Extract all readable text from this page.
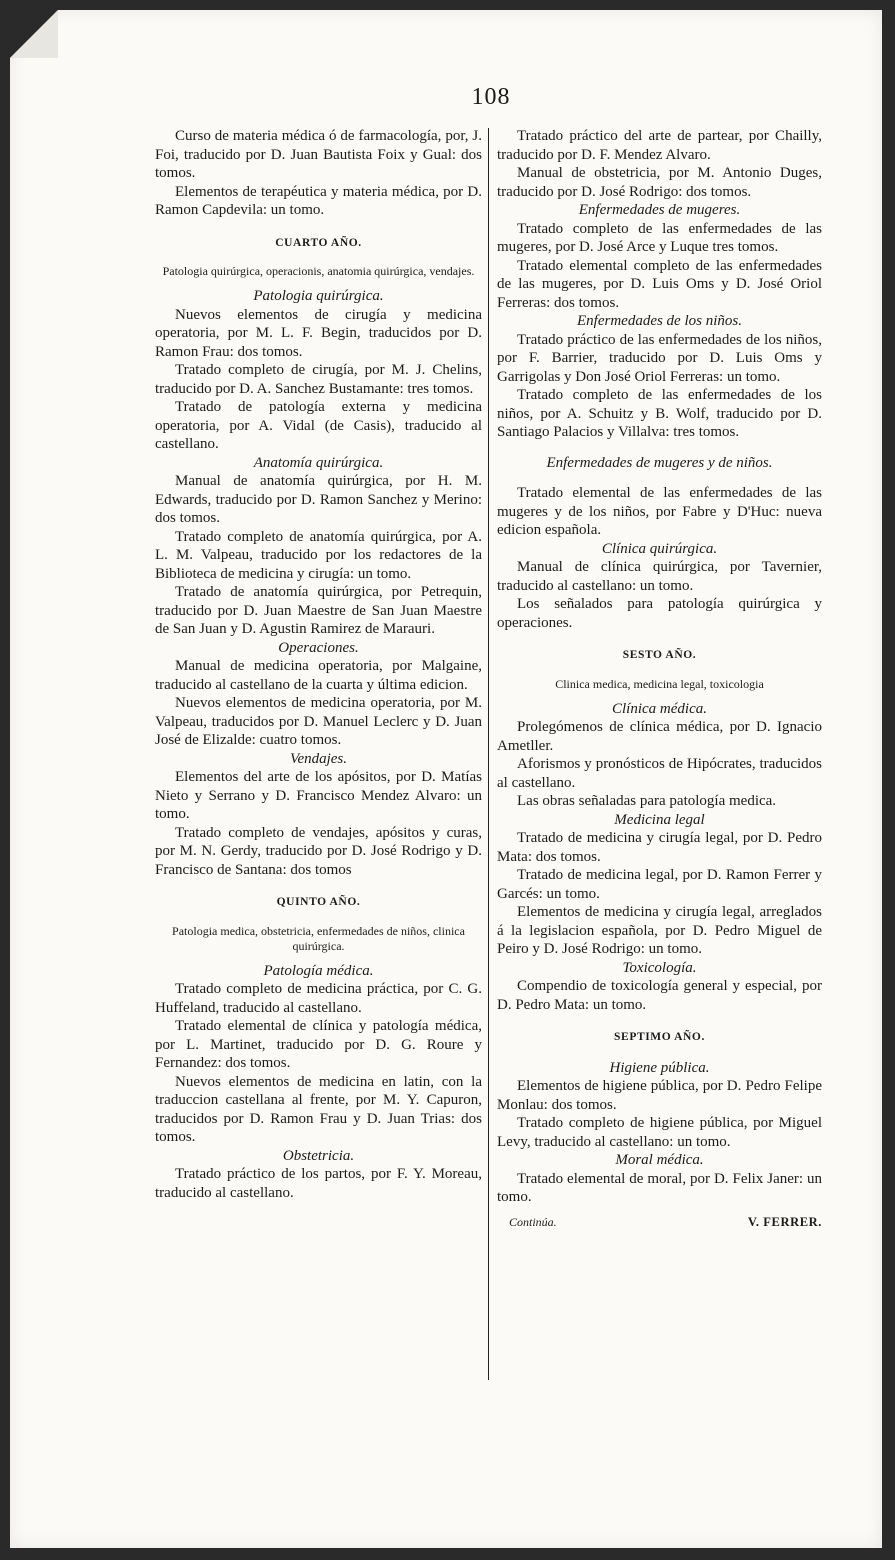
108

Curso de materia médica ó de farmacología, por, J. Foi, traducido por D. Juan Bautista Foix y Gual: dos tomos.

Elementos de terapéutica y materia médica, por D. Ramon Capdevila: un tomo.

CUARTO AÑO.
Patologia quirúrgica, operacionis, anatomia quirúrgica, vendajes.
Patologia quirúrgica.

Nuevos elementos de cirugía y medicina operatoria, por M. L. F. Begin, traducidos por D. Ramon Frau: dos tomos.

Tratado completo de cirugía, por M. J. Chelins, traducido por D. A. Sanchez Bustamante: tres tomos.

Tratado de patología externa y medicina operatoria, por A. Vidal (de Casis), traducido al castellano.

Anatomía quirúrgica.

Manual de anatomía quirúrgica, por H. M. Edwards, traducido por D. Ramon Sanchez y Merino: dos tomos.

Tratado completo de anatomía quirúrgica, por A. L. M. Valpeau, traducido por los redactores de la Biblioteca de medicina y cirugía: un tomo.

Tratado de anatomía quirúrgica, por Petrequin, traducido por D. Juan Maestre de San Juan Maestre de San Juan y D. Agustin Ramirez de Marauri.

Operaciones.

Manual de medicina operatoria, por Malgaine, traducido al castellano de la cuarta y última edicion.

Nuevos elementos de medicina operatoria, por M. Valpeau, traducidos por D. Manuel Leclerc y D. Juan José de Elizalde: cuatro tomos.

Vendajes.

Elementos del arte de los apósitos, por D. Matías Nieto y Serrano y D. Francisco Mendez Alvaro: un tomo.

Tratado completo de vendajes, apósitos y curas, por M. N. Gerdy, traducido por D. José Rodrigo y D. Francisco de Santana: dos tomos

QUINTO AÑO.
Patologia medica, obstetricia, enfermedades de niños, clinica quirúrgica.
Patología médica.

Tratado completo de medicina práctica, por C. G. Huffeland, traducido al castellano.

Tratado elemental de clínica y patología médica, por L. Martinet, traducido por D. G. Roure y Fernandez: dos tomos.

Nuevos elementos de medicina en latin, con la traduccion castellana al frente, por M. Y. Capuron, traducidos por D. Ramon Frau y D. Juan Trias: dos tomos.

Obstetricia.

Tratado práctico de los partos, por F. Y. Moreau, traducido al castellano.

Tratado práctico del arte de partear, por Chailly, traducido por D. F. Mendez Alvaro.

Manual de obstetricia, por M. Antonio Duges, traducido por D. José Rodrigo: dos tomos.

Enfermedades de mugeres.

Tratado completo de las enfermedades de las mugeres, por D. José Arce y Luque tres tomos.

Tratado elemental completo de las enfermedades de las mugeres, por D. Luis Oms y D. José Oriol Ferreras: dos tomos.

Enfermedades de los niños.

Tratado práctico de las enfermedades de los niños, por F. Barrier, traducido por D. Luis Oms y Garrigolas y Don José Oriol Ferreras: un tomo.

Tratado completo de las enfermedades de los niños, por A. Schuitz y B. Wolf, traducido por D. Santiago Palacios y Villalva: tres tomos.

Enfermedades de mugeres y de niños.

Tratado elemental de las enfermedades de las mugeres y de los niños, por Fabre y D'Huc: nueva edicion española.

Clínica quirúrgica.

Manual de clínica quirúrgica, por Tavernier, traducido al castellano: un tomo.

Los señalados para patología quirúrgica y operaciones.

SESTO AÑO.
Clinica medica, medicina legal, toxicologia
Clínica médica.

Prolegómenos de clínica médica, por D. Ignacio Ametller.

Aforismos y pronósticos de Hipócrates, traducidos al castellano.

Las obras señaladas para patología medica.

Medicina legal

Tratado de medicina y cirugía legal, por D. Pedro Mata: dos tomos.

Tratado de medicina legal, por D. Ramon Ferrer y Garcés: un tomo.

Elementos de medicina y cirugía legal, arreglados á la legislacion española, por D. Pedro Miguel de Peiro y D. José Rodrigo: un tomo.

Toxicología.

Compendio de toxicología general y especial, por D. Pedro Mata: un tomo.

SEPTIMO AÑO.
Higiene pública.

Elementos de higiene pública, por D. Pedro Felipe Monlau: dos tomos.

Tratado completo de higiene pública, por Miguel Levy, traducido al castellano: un tomo.

Moral médica.

Tratado elemental de moral, por D. Felix Janer: un tomo.

Continúa.	V. FERRER.
